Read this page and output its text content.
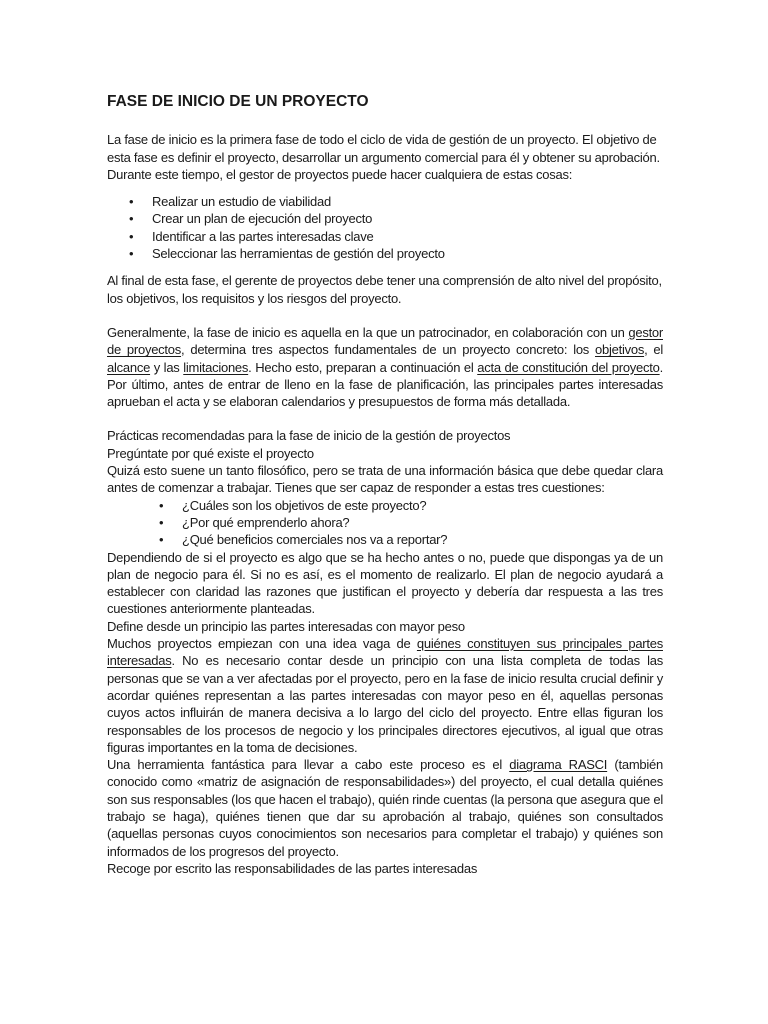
FASE DE INICIO DE UN PROYECTO

La fase de inicio es la primera fase de todo el ciclo de vida de gestión de un proyecto. El objetivo de esta fase es definir el proyecto, desarrollar un argumento comercial para él y obtener su aprobación. Durante este tiempo, el gestor de proyectos puede hacer cualquiera de estas cosas:

• Realizar un estudio de viabilidad
• Crear un plan de ejecución del proyecto
• Identificar a las partes interesadas clave
• Seleccionar las herramientas de gestión del proyecto

Al final de esta fase, el gerente de proyectos debe tener una comprensión de alto nivel del propósito, los objetivos, los requisitos y los riesgos del proyecto.

Generalmente, la fase de inicio es aquella en la que un patrocinador, en colaboración con un gestor de proyectos, determina tres aspectos fundamentales de un proyecto concreto: los objetivos, el alcance y las limitaciones. Hecho esto, preparan a continuación el acta de constitución del proyecto. Por último, antes de entrar de lleno en la fase de planificación, las principales partes interesadas aprueban el acta y se elaboran calendarios y presupuestos de forma más detallada.

Prácticas recomendadas para la fase de inicio de la gestión de proyectos

Pregúntate por qué existe el proyecto

Quizá esto suene un tanto filosófico, pero se trata de una información básica que debe quedar clara antes de comenzar a trabajar. Tienes que ser capaz de responder a estas tres cuestiones:

• ¿Cuáles son los objetivos de este proyecto?
• ¿Por qué emprenderlo ahora?
• ¿Qué beneficios comerciales nos va a reportar?

Dependiendo de si el proyecto es algo que se ha hecho antes o no, puede que dispongas ya de un plan de negocio para él. Si no es así, es el momento de realizarlo. El plan de negocio ayudará a establecer con claridad las razones que justifican el proyecto y debería dar respuesta a las tres cuestiones anteriormente planteadas.

Define desde un principio las partes interesadas con mayor peso

Muchos proyectos empiezan con una idea vaga de quiénes constituyen sus principales partes interesadas. No es necesario contar desde un principio con una lista completa de todas las personas que se van a ver afectadas por el proyecto, pero en la fase de inicio resulta crucial definir y acordar quiénes representan a las partes interesadas con mayor peso en él, aquellas personas cuyos actos influirán de manera decisiva a lo largo del ciclo del proyecto. Entre ellas figuran los responsables de los procesos de negocio y los principales directores ejecutivos, al igual que otras figuras importantes en la toma de decisiones.

Una herramienta fantástica para llevar a cabo este proceso es el diagrama RASCI (también conocido como «matriz de asignación de responsabilidades») del proyecto, el cual detalla quiénes son sus responsables (los que hacen el trabajo), quién rinde cuentas (la persona que asegura que el trabajo se haga), quiénes tienen que dar su aprobación al trabajo, quiénes son consultados (aquellas personas cuyos conocimientos son necesarios para completar el trabajo) y quiénes son informados de los progresos del proyecto.

Recoge por escrito las responsabilidades de las partes interesadas
